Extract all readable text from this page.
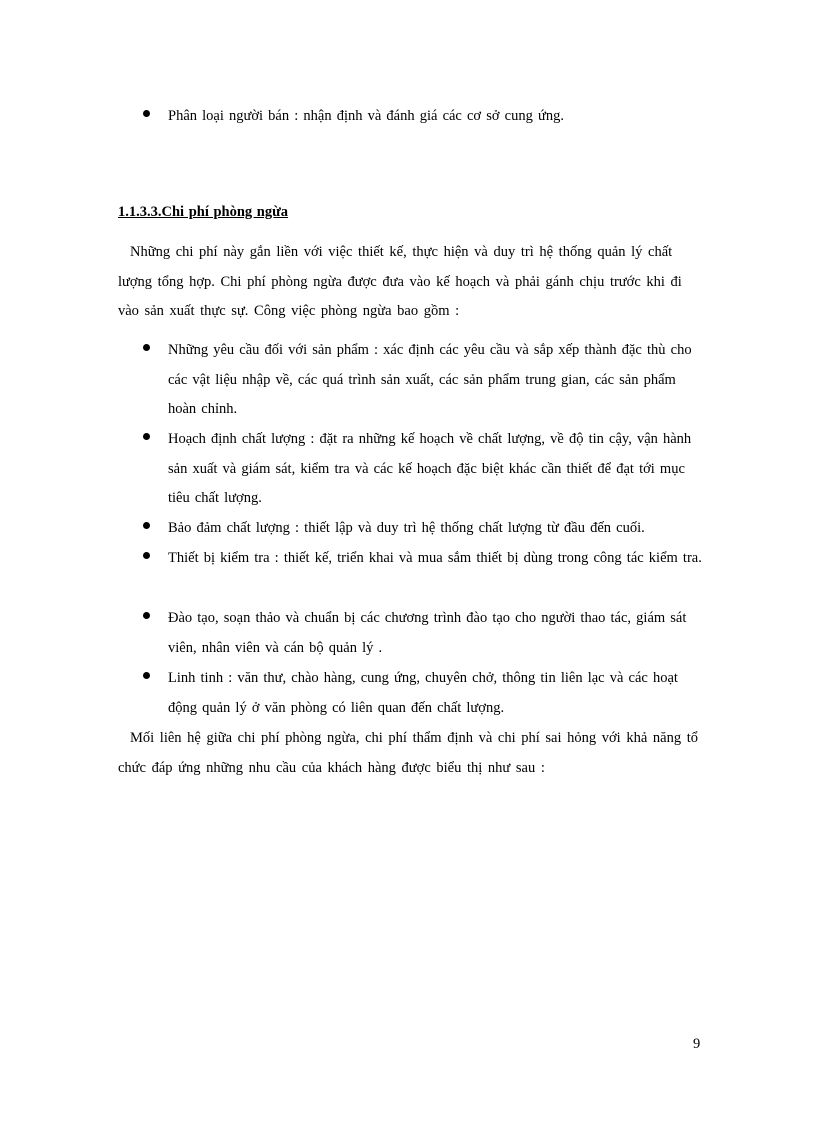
Phân loại người bán : nhận định và đánh giá các cơ sở cung ứng.
1.1.3.3.Chi phí phòng ngừa
Những chi phí này gắn liền với việc thiết kế, thực hiện và duy trì hệ thống quản lý chất lượng tổng hợp. Chi phí phòng ngừa được đưa vào kế hoạch và phải gánh chịu trước khi đi vào sản xuất thực sự. Công việc phòng ngừa bao gồm :
Những yêu cầu đối với sản phẩm : xác định các yêu cầu và sắp xếp thành đặc thù cho các vật liệu nhập về, các quá trình sản xuất, các sản phẩm trung gian, các sản phẩm hoàn chỉnh.
Hoạch định chất lượng : đặt ra những kế hoạch về chất lượng, về độ tin cậy, vận hành sản xuất và giám sát, kiểm tra và các kế hoạch đặc biệt khác cần thiết để đạt tới mục tiêu chất lượng.
Bảo đảm chất lượng : thiết lập và duy trì hệ thống chất lượng từ đầu đến cuối.
Thiết bị kiểm tra : thiết kế, triển khai và mua sắm thiết bị dùng trong công tác kiểm tra.
Đào tạo, soạn thảo và chuẩn bị các chương trình đào tạo cho người thao tác, giám sát viên, nhân viên và cán bộ quản lý .
Linh tinh : văn thư, chào hàng, cung ứng, chuyên chở, thông tin liên lạc và các hoạt động quản lý ở văn phòng có liên quan đến chất lượng.
Mối liên hệ giữa chi phí phòng ngừa, chi phí thẩm định và chi phí sai hỏng với khả năng tổ chức đáp ứng những nhu cầu của khách hàng được biểu thị như sau :
9
